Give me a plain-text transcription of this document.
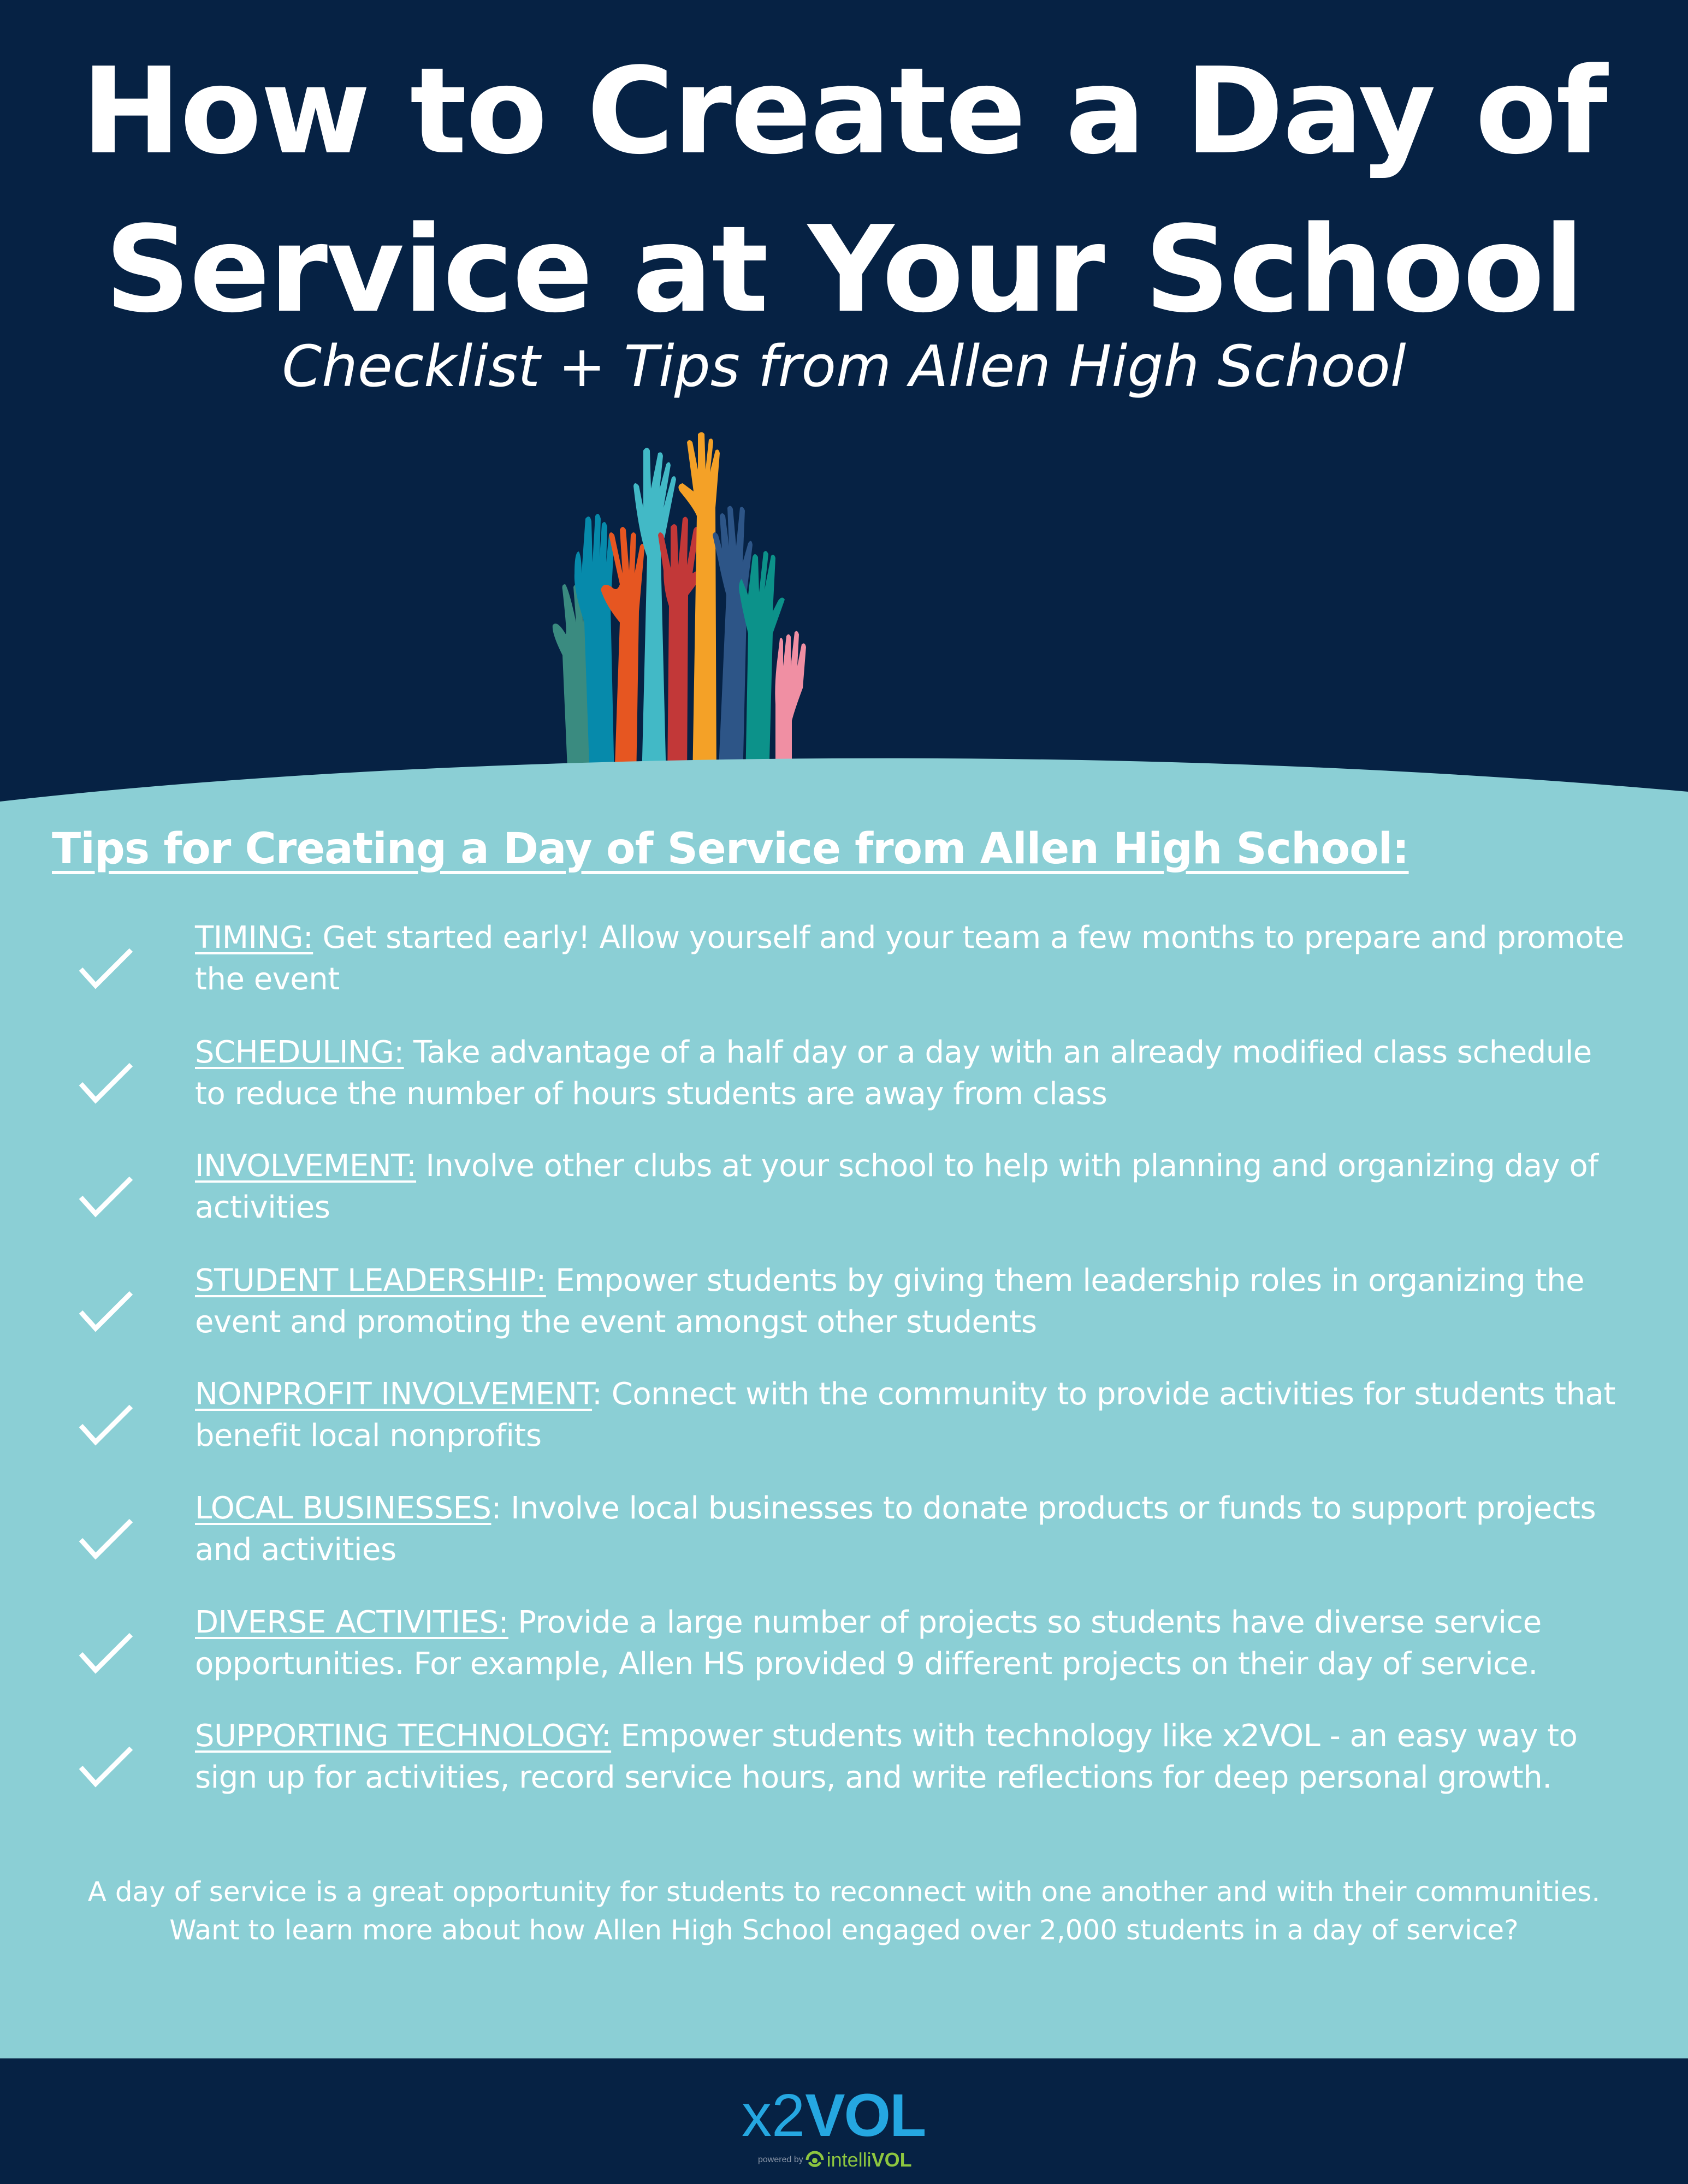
How to Create a Day of
Service at Your School
Checklist + Tips from Allen High School
Tips for Creating a Day of Service from Allen High School:
TIMING: Get started early! Allow yourself and your team a few months to prepare and promote the event
SCHEDULING: Take advantage of a half day or a day with an already modified class schedule to reduce the number of hours students are away from class
INVOLVEMENT: Involve other clubs at your school to help with planning and organizing day of activities
STUDENT LEADERSHIP: Empower students by giving them leadership roles in organizing the event and promoting the event amongst other students
NONPROFIT INVOLVEMENT: Connect with the community to provide activities for students that benefit local nonprofits
LOCAL BUSINESSES: Involve local businesses to donate products or funds to support projects and activities
DIVERSE ACTIVITIES: Provide a large number of projects so students have diverse service opportunities. For example, Allen HS provided 9 different projects on their day of service.
SUPPORTING TECHNOLOGY: Empower students with technology like x2VOL - an easy way to sign up for activities, record service hours, and write reflections for deep personal growth.
A day of service is a great opportunity for students to reconnect with one another and with their communities.
Want to learn more about how Allen High School engaged over 2,000 students in a day of service?
x2VOL
powered by intelliVOL
